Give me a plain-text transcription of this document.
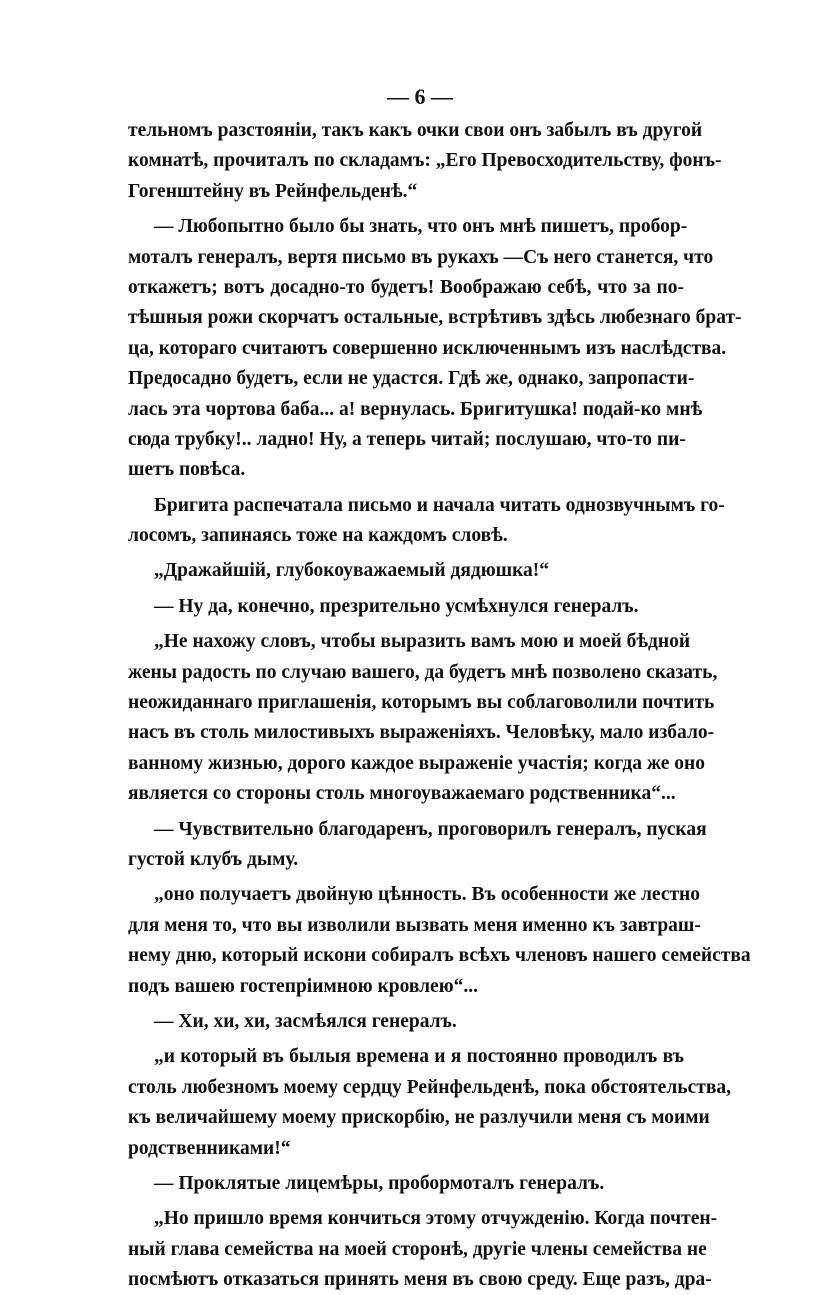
— 6 —
тельномъ разстояніи, такъ какъ очки свои онъ забылъ въ другой
комнатѣ, прочиталъ по складамъ: „Его Превосходительству, фонъ-
Гогенштейну въ Рейнфельденѣ.“
— Любопытно было бы знать, что онъ мнѣ пишетъ, пробор-
моталъ генералъ, вертя письмо въ рукахъ —Съ него станется, что
откажетъ; вотъ досадно-то будетъ! Воображаю себѣ, что за по-
тѣшныя рожи скорчатъ остальные, встрѣтивъ здѣсь любезнаго брат-
ца, котораго считаютъ совершенно исключеннымъ изъ наслѣдства.
Предосадно будетъ, если не удастся. Гдѣ же, однако, запропасти-
лась эта чортова баба... а! вернулась. Бригитушка! подай-ко мнѣ
сюда трубку!.. ладно! Ну, а теперь читай; послушаю, что-то пи-
шетъ повѣса.
Бригита распечатала письмо и начала читать однозвучнымъ го-
лосомъ, запинаясь тоже на каждомъ словѣ.
„Дражайшій, глубокоуважаемый дядюшка!“
— Ну да, конечно, презрительно усмѣхнулся генералъ.
„Не нахожу словъ, чтобы выразить вамъ мою и моей бѣдной
жены радость по случаю вашего, да будетъ мнѣ позволено сказать,
неожиданнаго приглашенія, которымъ вы соблаговолили почтить
насъ въ столь милостивыхъ выраженіяхъ. Человѣку, мало избало-
ванному жизнью, дорого каждое выраженіе участія; когда же оно
является со стороны столь многоуважаемаго родственника“...
— Чувствительно благодаренъ, проговорилъ генералъ, пуская
густой клубъ дыму.
„оно получаетъ двойную цѣнность. Въ особенности же лестно
для меня то, что вы изволили вызвать меня именно къ завтраш-
нему дню, который искони собиралъ всѣхъ членовъ нашего семейства
подъ вашею гостепріимною кровлею“...
— Хи, хи, хи, засмѣялся генералъ.
„и который въ былыя времена и я постоянно проводилъ въ
столь любезномъ моему сердцу Рейнфельденѣ, пока обстоятельства,
къ величайшему моему прискорбію, не разлучили меня съ моими
родственниками!“
— Проклятые лицемѣры, пробормоталъ генералъ.
„Но пришло время кончиться этому отчужденію. Когда почтен-
ный глава семейства на моей сторонѣ, другіе члены семейства не
посмѣютъ отказаться принять меня въ свою среду. Еще разъ, дра-
